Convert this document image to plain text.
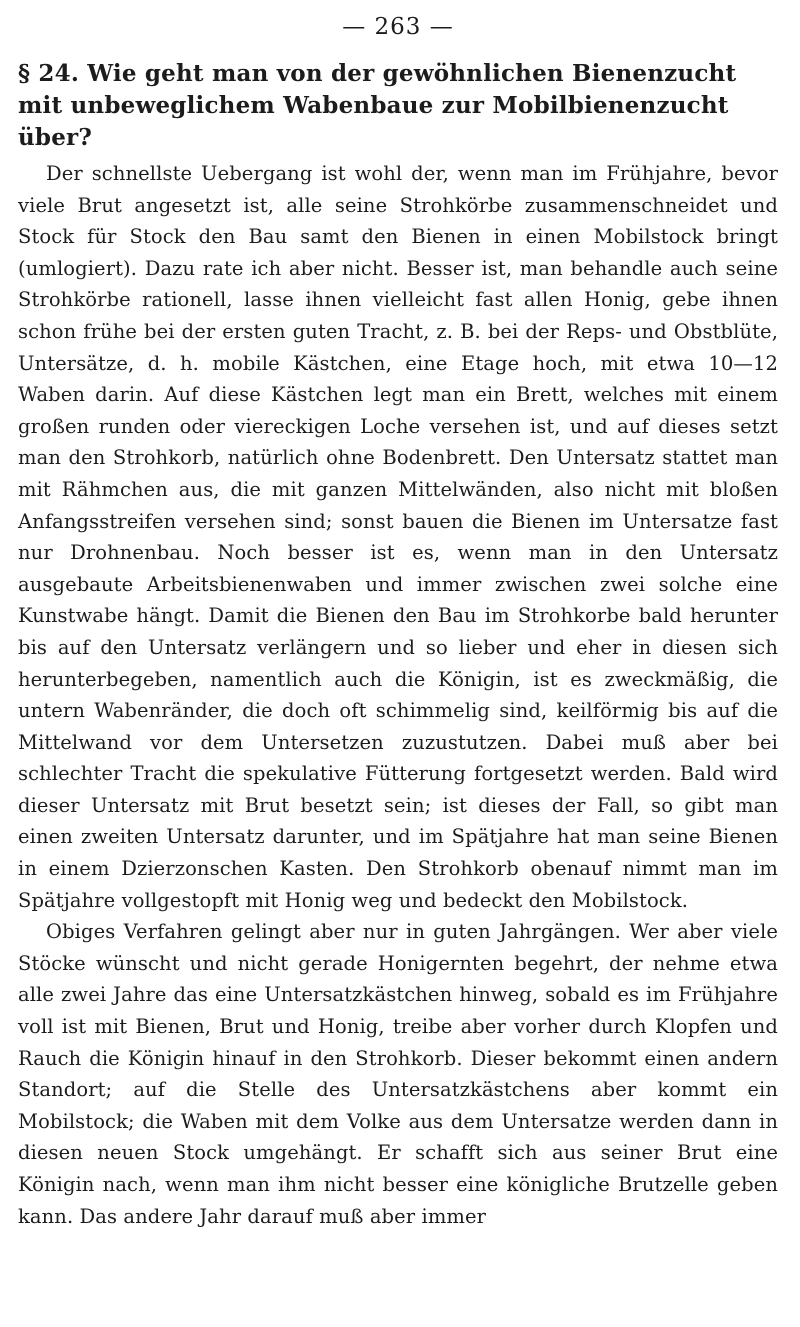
— 263 —
§ 24. Wie geht man von der gewöhnlichen Bienenzucht mit unbeweglichem Wabenbaue zur Mobilbienenzucht über?

Der schnellste Uebergang ist wohl der, wenn man im Frühjahre, bevor viele Brut angesetzt ist, alle seine Strohkörbe zusammenschneidet und Stock für Stock den Bau samt den Bienen in einen Mobilstock bringt (umlogiert). Dazu rate ich aber nicht. Besser ist, man behandle auch seine Strohkörbe rationell, lasse ihnen vielleicht fast allen Honig, gebe ihnen schon frühe bei der ersten guten Tracht, z. B. bei der Reps- und Obstblüte, Untersätze, d. h. mobile Kästchen, eine Etage hoch, mit etwa 10—12 Waben darin. Auf diese Kästchen legt man ein Brett, welches mit einem großen runden oder viereckigen Loche versehen ist, und auf dieses setzt man den Strohkorb, natürlich ohne Bodenbrett. Den Untersatz stattet man mit Rähmchen aus, die mit ganzen Mittelwänden, also nicht mit bloßen Anfangsstreifen versehen sind; sonst bauen die Bienen im Untersatze fast nur Drohnenbau. Noch besser ist es, wenn man in den Untersatz ausgebaute Arbeitsbienenwaben und immer zwischen zwei solche eine Kunstwabe hängt. Damit die Bienen den Bau im Strohkorbe bald herunter bis auf den Untersatz verlängern und so lieber und eher in diesen sich herunterbegeben, namentlich auch die Königin, ist es zweckmäßig, die untern Wabenränder, die doch oft schimmelig sind, keilförmig bis auf die Mittelwand vor dem Untersetzen zuzustutzen. Dabei muß aber bei schlechter Tracht die spekulative Fütterung fortgesetzt werden. Bald wird dieser Untersatz mit Brut besetzt sein; ist dieses der Fall, so gibt man einen zweiten Untersatz darunter, und im Spätjahre hat man seine Bienen in einem Dzierzonschen Kasten. Den Strohkorb obenauf nimmt man im Spätjahre vollgestopft mit Honig weg und bedeckt den Mobilstock.

Obiges Verfahren gelingt aber nur in guten Jahrgängen. Wer aber viele Stöcke wünscht und nicht gerade Honigernten begehrt, der nehme etwa alle zwei Jahre das eine Untersatzkästchen hinweg, sobald es im Frühjahre voll ist mit Bienen, Brut und Honig, treibe aber vorher durch Klopfen und Rauch die Königin hinauf in den Strohkorb. Dieser bekommt einen andern Standort; auf die Stelle des Untersatzkästchens aber kommt ein Mobilstock; die Waben mit dem Volke aus dem Untersatze werden dann in diesen neuen Stock umgehängt. Er schafft sich aus seiner Brut eine Königin nach, wenn man ihm nicht besser eine königliche Brutzelle geben kann. Das andere Jahr darauf muß aber immer
